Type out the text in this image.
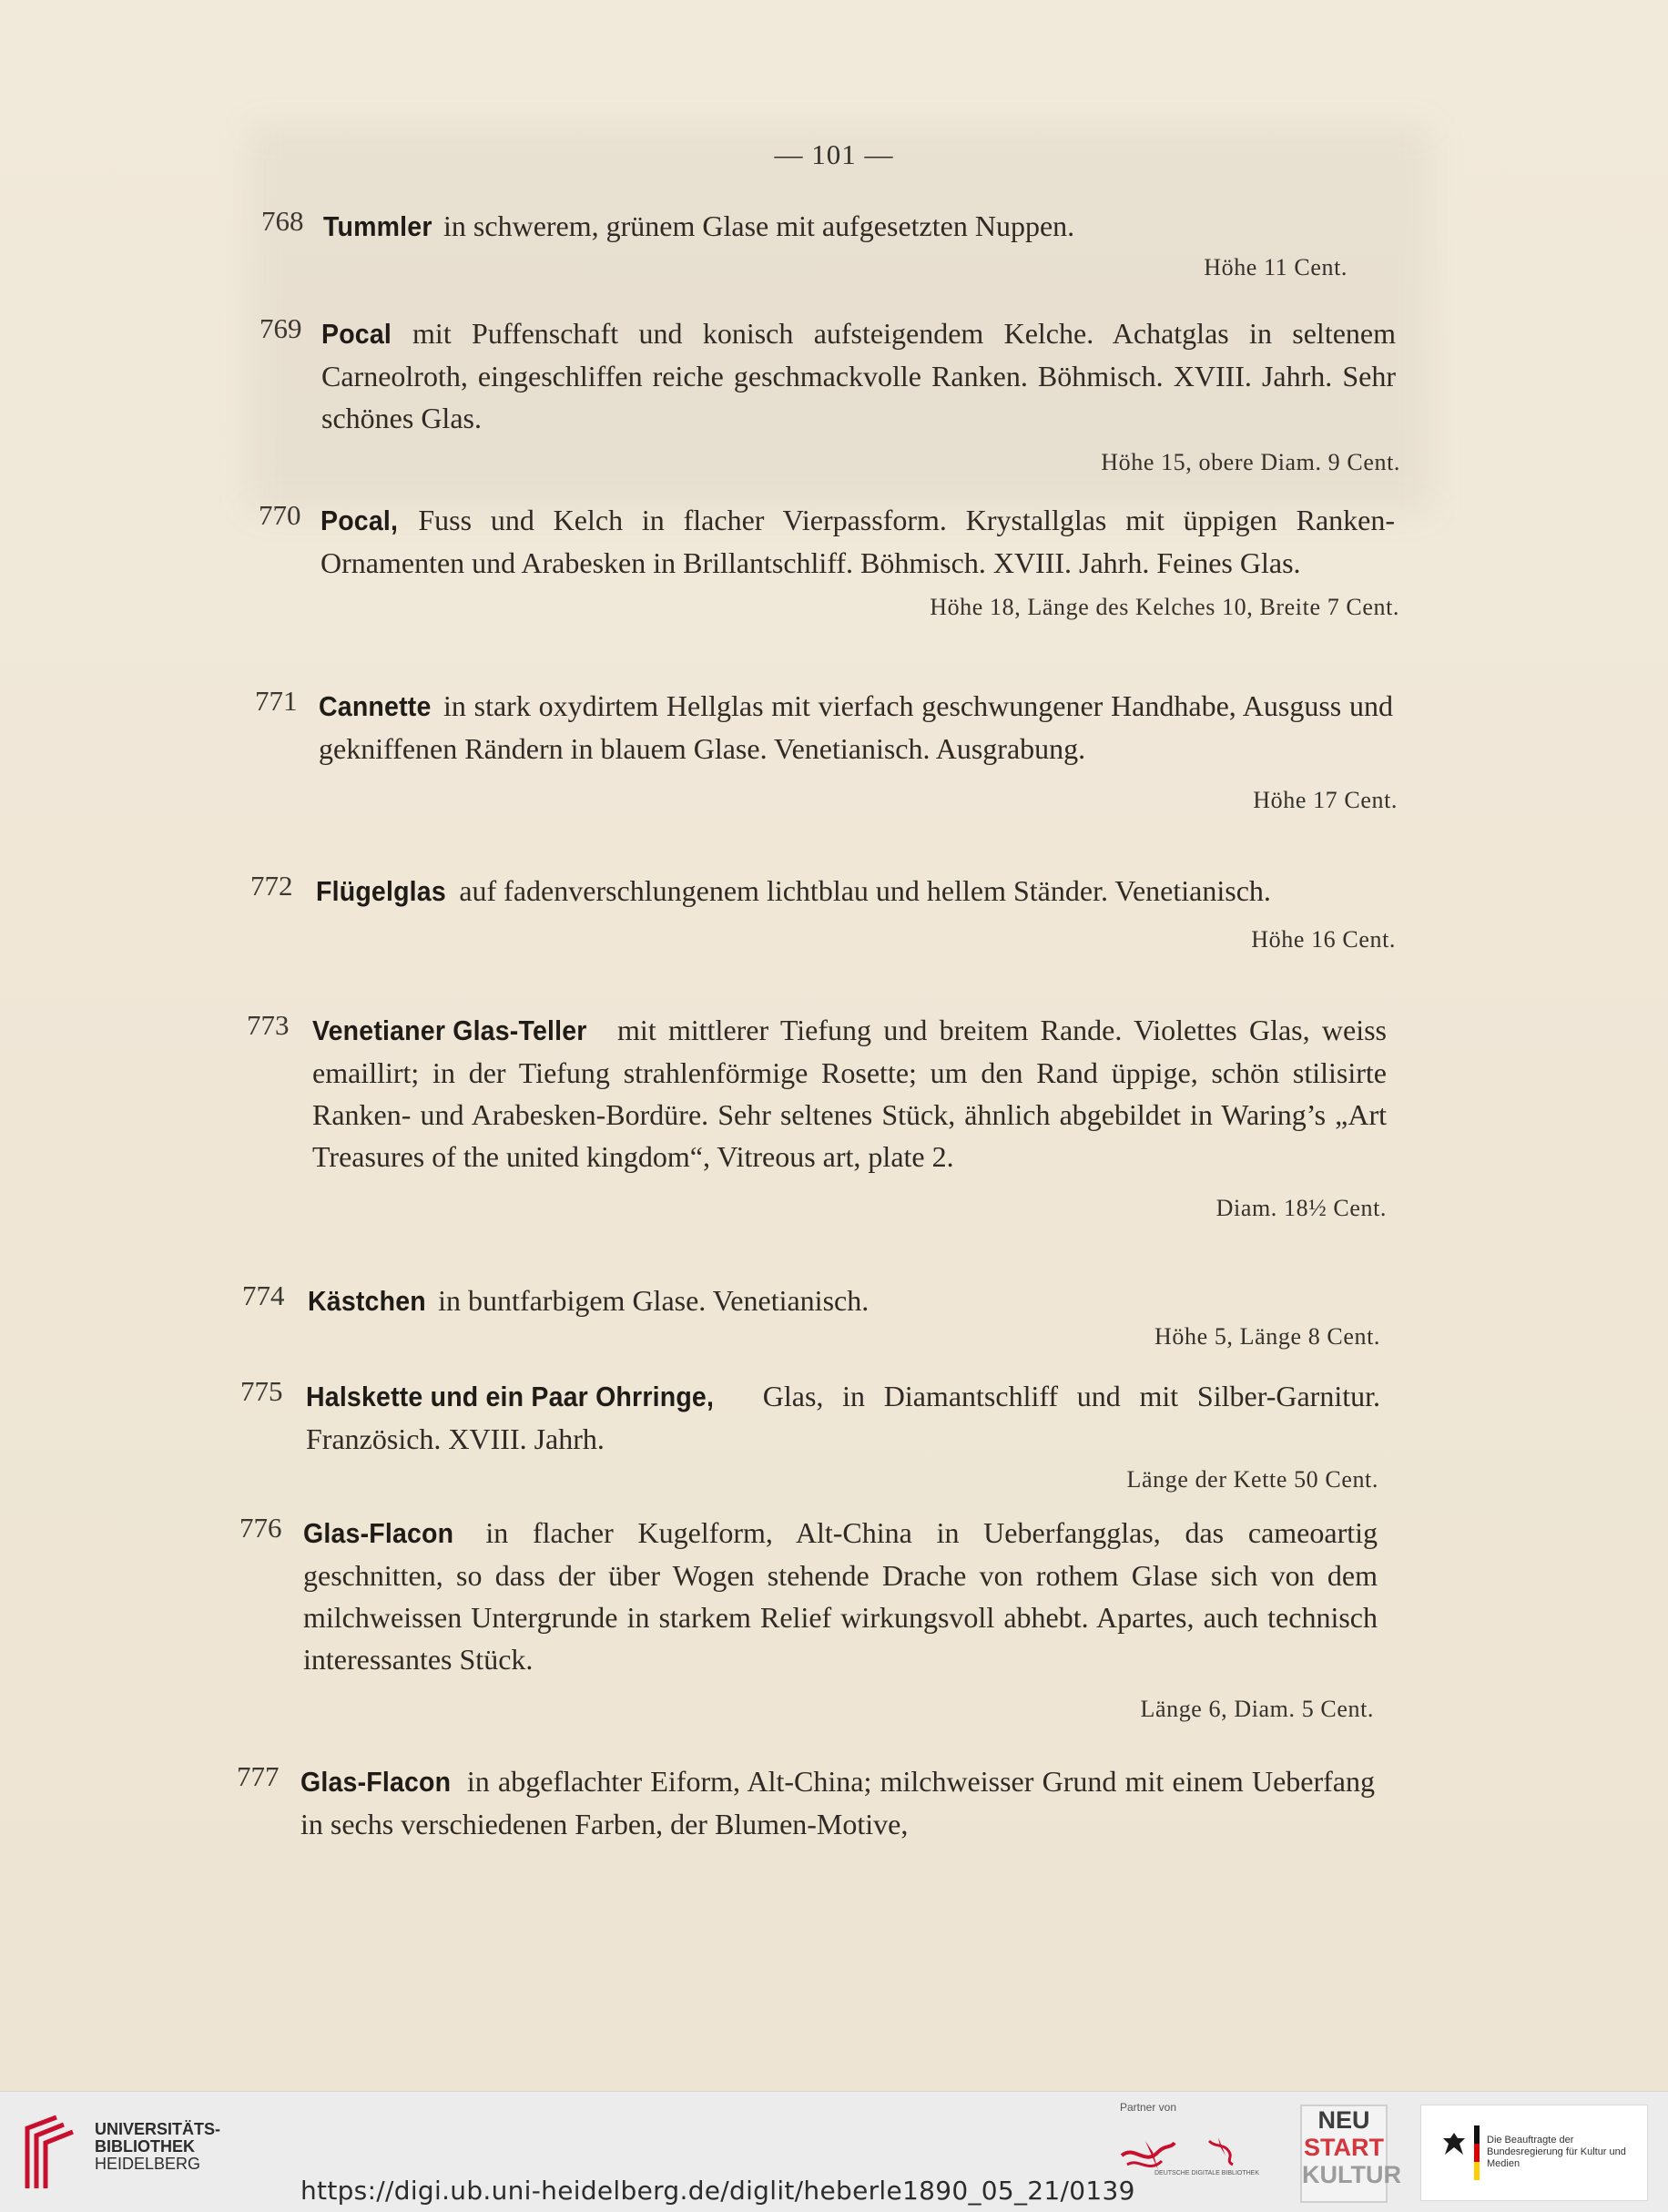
— 101 —
768 Tummler in schwerem, grünem Glase mit aufgesetzten Nuppen.
Höhe 11 Cent.
769 Pocal mit Puffenschaft und konisch aufsteigendem Kelche. Achatglas in seltenem Carneolroth, eingeschliffen reiche geschmackvolle Ranken. Böhmisch. XVIII. Jahrh. Sehr schönes Glas.
Höhe 15, obere Diam. 9 Cent.
770 Pocal, Fuss und Kelch in flacher Vierpassform. Krystallglas mit üppigen Ranken-Ornamenten und Arabesken in Brillantschliff. Böhmisch. XVIII. Jahrh. Feines Glas.
Höhe 18, Länge des Kelches 10, Breite 7 Cent.
771 Cannette in stark oxydirtem Hellglas mit vierfach geschwungener Handhabe, Ausguss und gekniffenen Rändern in blauem Glase. Venetianisch. Ausgrabung.
Höhe 17 Cent.
772 Flügelglas auf fadenverschlungenem lichtblau und hellem Ständer. Venetianisch.
Höhe 16 Cent.
773 Venetianer Glas-Teller mit mittlerer Tiefung und breitem Rande. Violettes Glas, weiss emaillirt; in der Tiefung strahlenförmige Rosette; um den Rand üppige, schön stilisirte Ranken- und Arabesken-Bordüre. Sehr seltenes Stück, ähnlich abgebildet in Waring’s „Art Treasures of the united kingdom“, Vitreous art, plate 2.
Diam. 18½ Cent.
774 Kästchen in buntfarbigem Glase. Venetianisch.
Höhe 5, Länge 8 Cent.
775 Halskette und ein Paar Ohrringe, Glas, in Diamantschliff und mit Silber-Garnitur. Französich. XVIII. Jahrh.
Länge der Kette 50 Cent.
776 Glas-Flacon in flacher Kugelform, Alt-China in Ueberfangglas, das cameoartig geschnitten, so dass der über Wogen stehende Drache von rothem Glase sich von dem milchweissen Untergrunde in starkem Relief wirkungsvoll abhebt. Apartes, auch technisch interessantes Stück.
Länge 6, Diam. 5 Cent.
777 Glas-Flacon in abgeflachter Eiform, Alt-China; milchweisser Grund mit einem Ueberfang in sechs verschiedenen Farben, der Blumen-Motive,
UNIVERSITÄTS-
BIBLIOTHEK
HEIDELBERG
https://digi.ub.uni-heidelberg.de/diglit/heberle1890_05_21/0139
Partner von
DEUTSCHE DIGITALE BIBLIOTHEK
NEU
START
KULTUR
Die Beauftragte der Bundesregierung für Kultur und Medien
